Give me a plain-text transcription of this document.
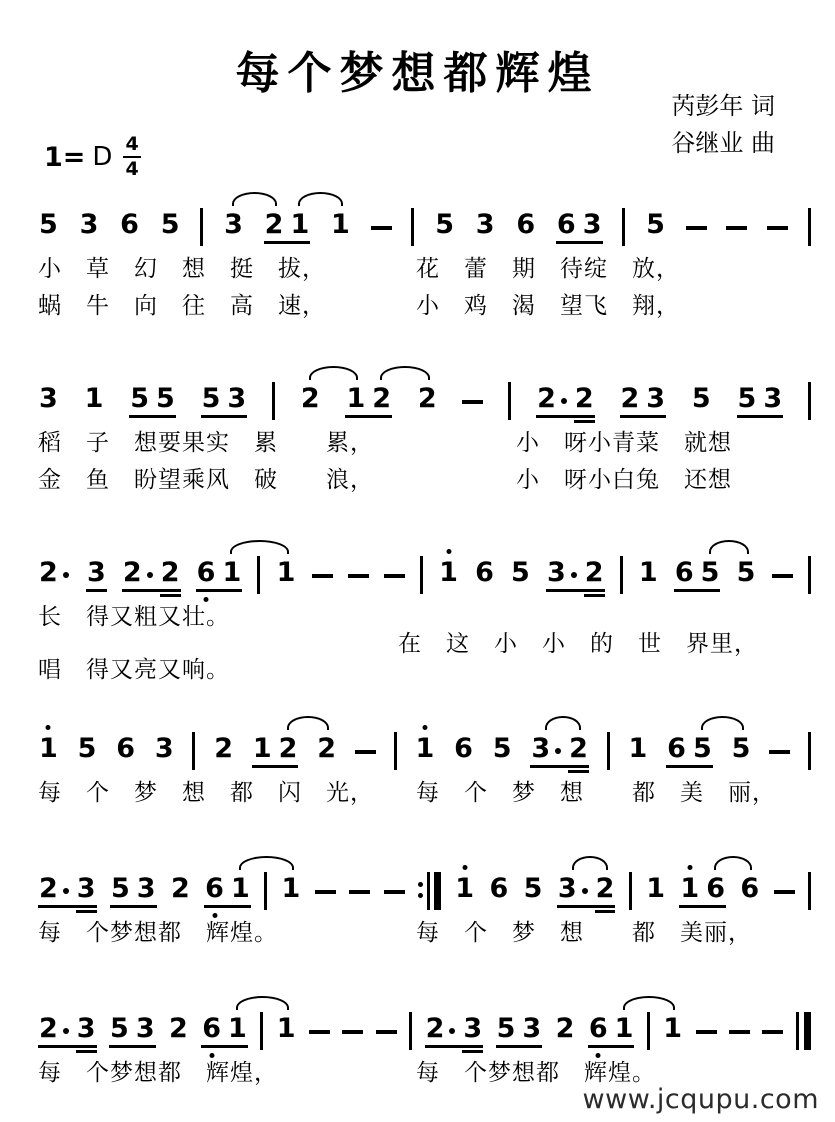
每个梦想都辉煌
芮彭年 词
谷继业 曲
1= D $\frac{4}{4}$
5 3 6 5 3 2 1 1	5 3 6 6 3 5
小　草　幻　想　挺　拔，	花　蕾　期　待绽　放，
蜗　牛　向　往　高　速，	小　鸡　渴　望飞　翔，
3 1 5 5 5 3 2 1 2 2	2 2 2 3 5 5 3
稻　子　想要果实　累　　累，	小　呀小青菜　就想
金　鱼　盼望乘风　破　　浪，	小　呀小白兔　还想
2 3 2 2 6 1 1	1 6 5 3 2 1 6 5 5
长　得又粗又壮。
在　这　小　小　的　世　界里，
唱　得又亮又响。
1 5 6 3 2 1 2 2	1 6 5 3 2 1 6 5 5
每　个　梦　想　都　闪　光， 每　个　梦　想　　都　美　丽，
2 3 5 3 2 6 1 1	1 6 5 3 2 1 1 6 6
每　个梦想都　辉煌。	每　个　梦　想　　都　美丽，
2 3 5 3 2 6 1 1	2 3 5 3 2 6 1 1
每　个梦想都　辉煌，	每　个梦想都　辉煌。
www.jcqupu.com
